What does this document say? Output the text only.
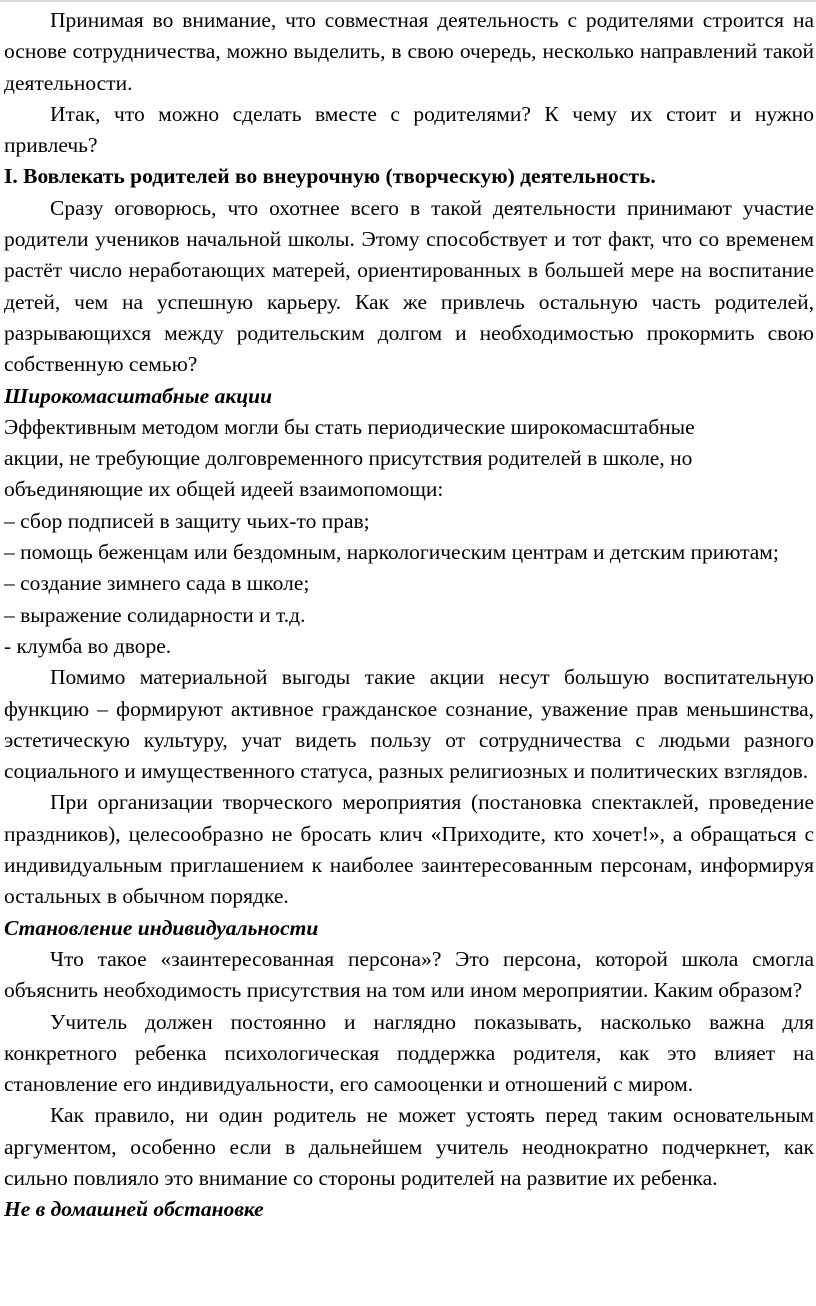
Принимая во внимание, что совместная деятельность с родителями строится на основе сотрудничества, можно выделить, в свою очередь, несколько направлений такой деятельности.

Итак, что можно сделать вместе с родителями? К чему их стоит и нужно привлечь?

I. Вовлекать родителей во внеурочную (творческую) деятельность.

Сразу оговорюсь, что охотнее всего в такой деятельности принимают участие родители учеников начальной школы. Этому способствует и тот факт, что со временем растёт число неработающих матерей, ориентированных в большей мере на воспитание детей, чем на успешную карьеру. Как же привлечь остальную часть родителей, разрывающихся между родительским долгом и необходимостью прокормить свою собственную семью?

Широкомасштабные акции

Эффективным методом могли бы стать периодические широкомасштабные

акции, не требующие долговременного присутствия родителей в школе, но

объединяющие их общей идеей взаимопомощи:

– сбор подписей в защиту чьих-то прав;

– помощь беженцам или бездомным, наркологическим центрам и детским приютам;

– создание зимнего сада в школе;

– выражение солидарности и т.д.

- клумба во дворе.

Помимо материальной выгоды такие акции несут большую воспитательную функцию – формируют активное гражданское сознание, уважение прав меньшинства, эстетическую культуру, учат видеть пользу от сотрудничества с людьми разного социального и имущественного статуса, разных религиозных и политических взглядов.

При организации творческого мероприятия (постановка спектаклей, проведение праздников), целесообразно не бросать клич «Приходите, кто хочет!», а обращаться с индивидуальным приглашением к наиболее заинтересованным персонам, информируя остальных в обычном порядке.

Становление индивидуальности

Что такое «заинтересованная персона»? Это персона, которой школа смогла объяснить необходимость присутствия на том или ином мероприятии. Каким образом?

Учитель должен постоянно и наглядно показывать, насколько важна для конкретного ребенка психологическая поддержка родителя, как это влияет на становление его индивидуальности, его самооценки и отношений с миром.

Как правило, ни один родитель не может устоять перед таким основательным аргументом, особенно если в дальнейшем учитель неоднократно подчеркнет, как сильно повлияло это внимание со стороны родителей на развитие их ребенка.

Не в домашней обстановке
